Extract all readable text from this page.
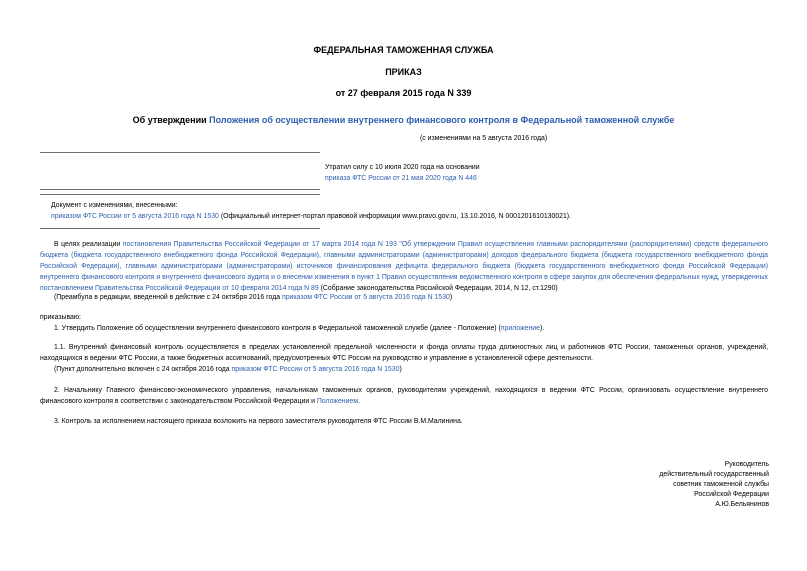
ФЕДЕРАЛЬНАЯ ТАМОЖЕННАЯ СЛУЖБА
ПРИКАЗ
от 27 февраля 2015 года N 339
Об утверждении Положения об осуществлении внутреннего финансового контроля в Федеральной таможенной службе
(с изменениями на 5 августа 2016 года)
Утратил силу с 10 июля 2020 года на основании
приказа ФТС России от 21 мая 2020 года N 446
Документ с изменениями, внесенными:
приказом ФТС России от 5 августа 2016 года N 1530 (Официальный интернет-портал правовой информации www.pravo.gov.ru, 13.10.2016, N 0001201610130021).
В целях реализации постановления Правительства Российской Федерации от 17 марта 2014 года N 193 "Об утверждении Правил осуществления главными распорядителями (распорядителями) средств федерального бюджета (бюджета государственного внебюджетного фонда Российской Федерации), главными администраторами (администраторами) доходов федерального бюджета (бюджета государственного внебюджетного фонда Российской Федерации), главными администраторами (администраторами) источников финансирования дефицита федерального бюджета (бюджета государственного внебюджетного фонда Российской Федерации) внутреннего финансового контроля и внутреннего финансового аудита и о внесении изменения в пункт 1 Правил осуществления ведомственного контроля в сфере закупок для обеспечения федеральных нужд, утвержденных постановлением Правительства Российской Федерации от 10 февраля 2014 года N 89 (Собрание законодательства Российской Федерации, 2014, N 12, ст.1290)
(Преамбула в редакции, введенной в действие с 24 октября 2016 года приказом ФТС России от 5 августа 2016 года N 1530)
приказываю:
1. Утвердить Положение об осуществлении внутреннего финансового контроля в Федеральной таможенной службе (далее - Положение) (приложение).
1.1. Внутренний финансовый контроль осуществляется в пределах установленной предельной численности и фонда оплаты труда должностных лиц и работников ФТС России, таможенных органов, учреждений, находящихся в ведении ФТС России, а также бюджетных ассигнований, предусмотренных ФТС России на руководство и управление в установленной сфере деятельности.
(Пункт дополнительно включен с 24 октября 2016 года приказом ФТС России от 5 августа 2016 года N 1530)
2. Начальнику Главного финансово-экономического управления, начальникам таможенных органов, руководителям учреждений, находящихся в ведении ФТС России, организовать осуществление внутреннего финансового контроля в соответствии с законодательством Российской Федерации и Положением.
3. Контроль за исполнением настоящего приказа возложить на первого заместителя руководителя ФТС России В.М.Малинина.
Руководитель
действительный государственный
советник таможенной службы
Российской Федерации
А.Ю.Бельянинов
